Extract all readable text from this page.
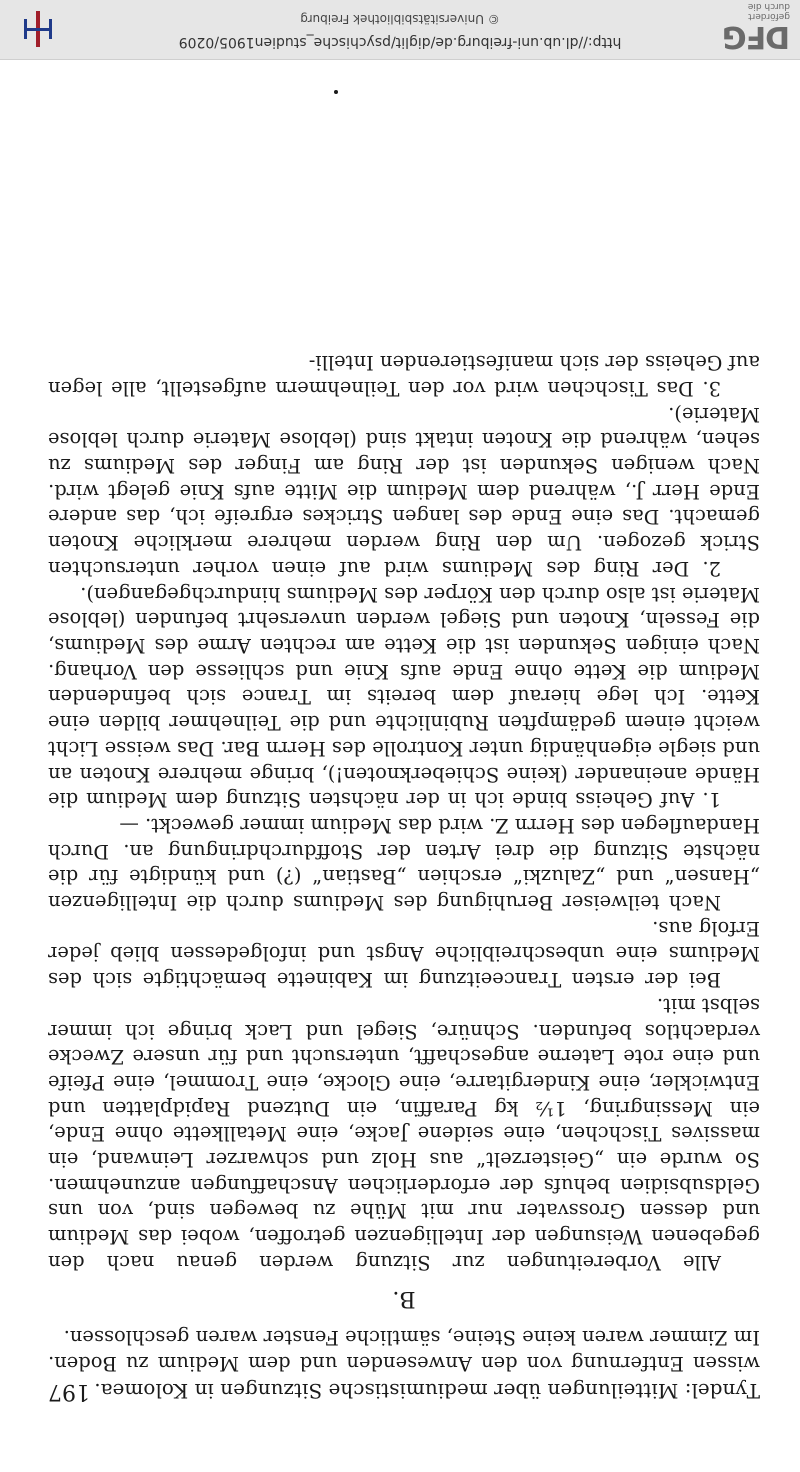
Tyndel: Mitteilungen über mediumistische Sitzungen in Kolomea.
197

wissen Entfernung von den Anwesenden und dem Medium zu Boden. Im Zimmer waren keine Steine, sämtliche Fenster waren geschlossen.

B.

Alle Vorbereitungen zur Sitzung werden genau nach den gegebenen Weisungen der Intelligenzen getroffen, wobei das Medium und dessen Grossvater nur mit Mühe zu bewegen sind, von uns Geldsubsidien behufs der erforderlichen Anschaffungen anzunehmen. So wurde ein „Geisterzelt“ aus Holz und schwarzer Leinwand, ein massives Tischchen, eine seidene Jacke, eine Metallkette ohne Ende, ein Messingring, 1½ kg Paraffin, ein Dutzend Rapidplatten und Entwickler, eine Kindergitarre, eine Glocke, eine Trommel, eine Pfeife und eine rote Laterne angeschafft, untersucht und für unsere Zwecke verdachtlos befunden. Schnüre, Siegel und Lack bringe ich immer selbst mit.

Bei der ersten Tranceeitzung im Kabinette bemächtigte sich des Mediums eine unbeschreibliche Angst und infolgedessen blieb jeder Erfolg aus.

Nach teilweiser Beruhigung des Mediums durch die Intelligenzen „Hansen“ und „Zaluzki“ erschien „Bastian“ (?) und kündigte für die nächste Sitzung die drei Arten der Stoffdurchdringung an. Durch Handauflegen des Herrn Z. wird das Medium immer geweckt. —

1. Auf Geheiss binde ich in der nächsten Sitzung dem Medium die Hände aneinander (keine Schieberknoten!), bringe mehrere Knoten an und siegle eigenhändig unter Kontrolle des Herrn Bar. Das weisse Licht weicht einem gedämpften Rubinlichte und die Teilnehmer bilden eine Kette. Ich lege hierauf dem bereits im Trance sich befindenden Medium die Kette ohne Ende aufs Knie und schliesse den Vorhang. Nach einigen Sekunden ist die Kette am rechten Arme des Mediums, die Fesseln, Knoten und Siegel werden unversehrt befunden (leblose Materie ist also durch den Körper des Mediums hindurchgegangen).

2. Der Ring des Mediums wird auf einen vorher untersuchten Strick gezogen. Um den Ring werden mehrere merkliche Knoten gemacht. Das eine Ende des langen Strickes ergreife ich, das andere Ende Herr J., während dem Medium die Mitte aufs Knie gelegt wird. Nach wenigen Sekunden ist der Ring am Finger des Mediums zu sehen, während die Knoten intakt sind (leblose Materie durch leblose Materie).

3. Das Tischchen wird vor den Teilnehmern aufgestellt, alle legen auf Geheiss der sich manifestierenden Intelli-

DFG
gefördert durch die
http://dl.ub.uni-freiburg.de/diglit/psychische_studien1905/0209
© Universitätsbibliothek Freiburg
